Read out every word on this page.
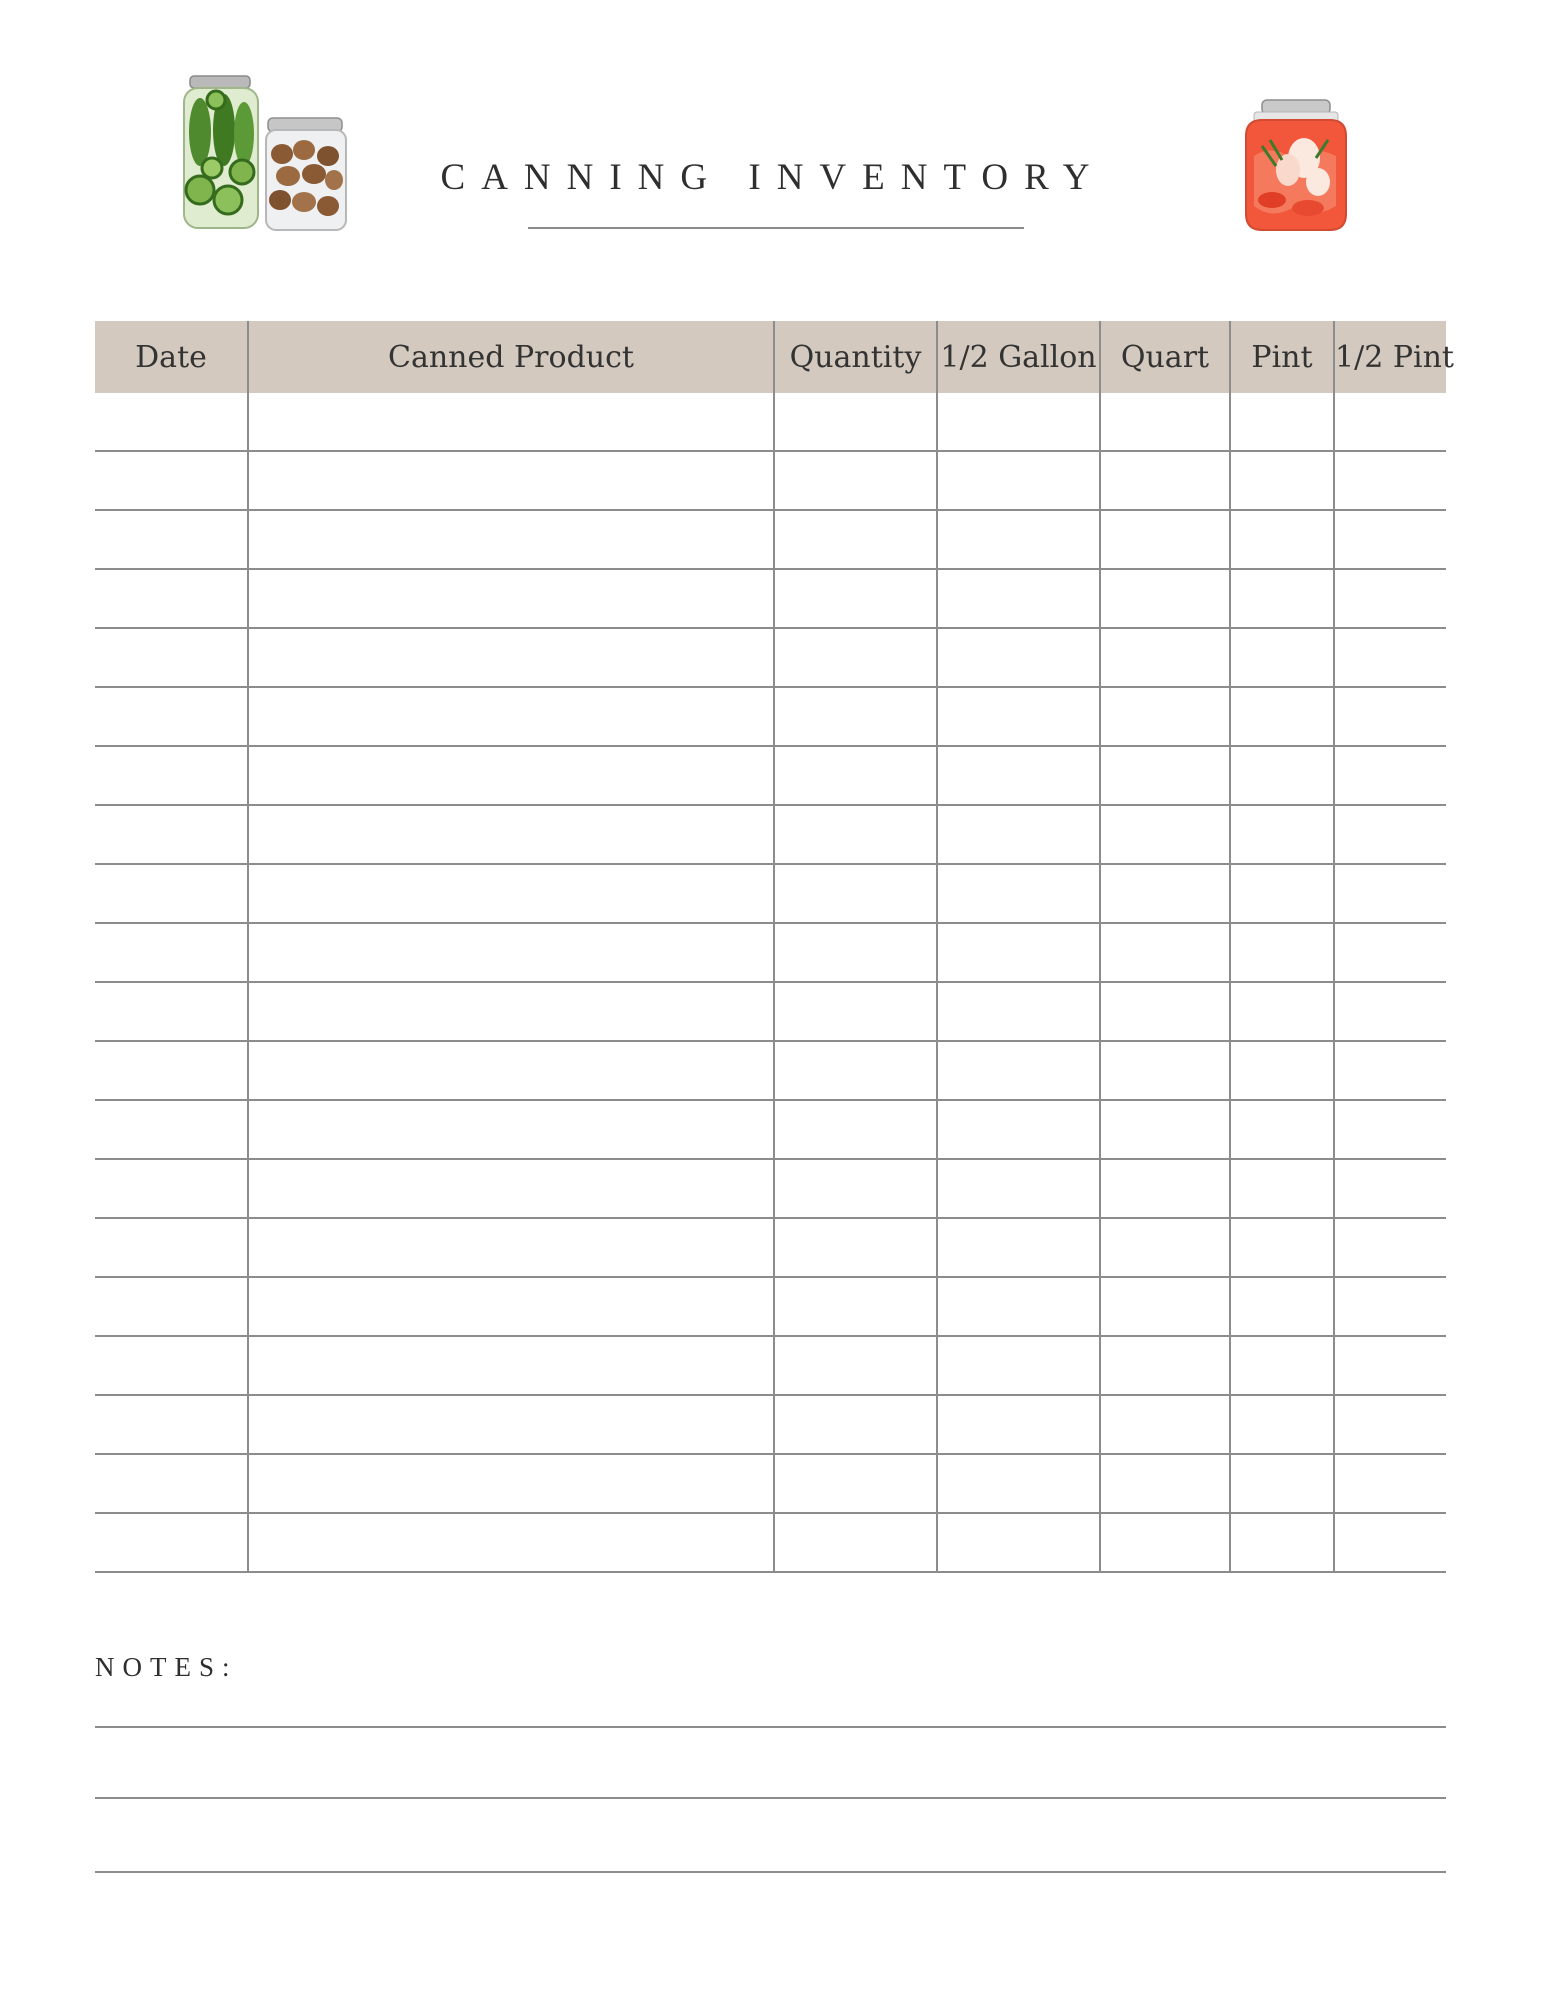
CANNING INVENTORY
Date	Canned Product	Quantity	1/2 Gallon	Quart	Pint	1/2 Pint

NOTES:
